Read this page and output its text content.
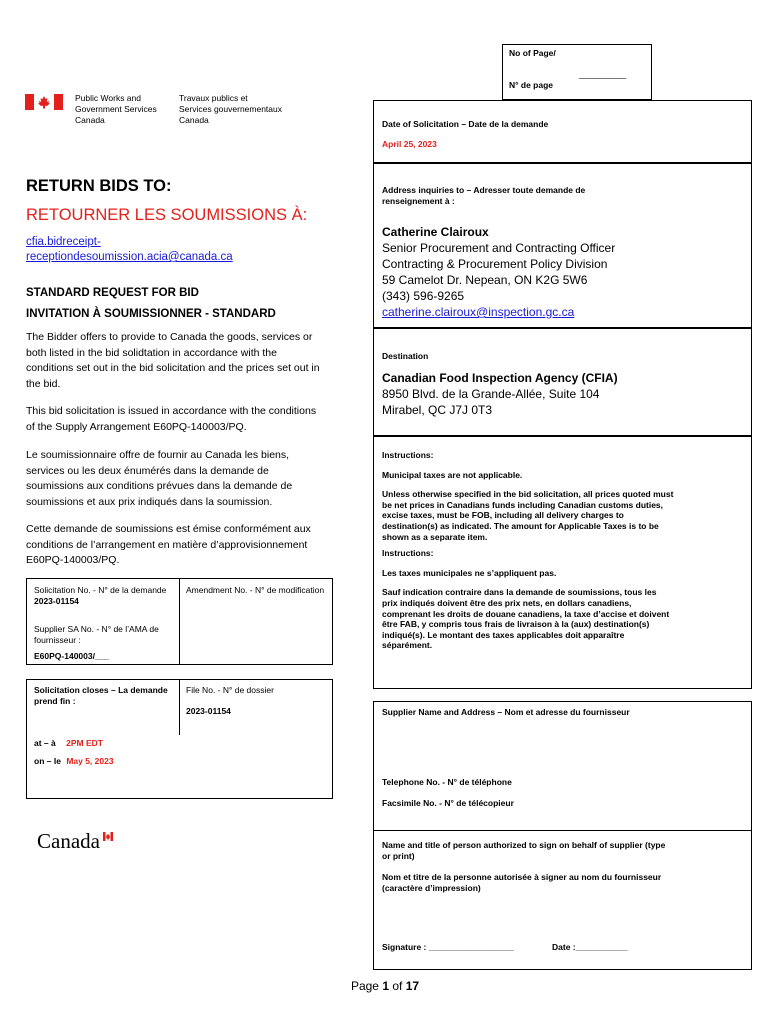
Public Works and
Government Services
Canada
Travaux publics et
Services gouvernementaux
Canada
No of Page/
__________
N° de page
Date of Solicitation – Date de la demande
April 25, 2023
Address inquiries to – Adresser toute demande de renseignement à :
Catherine Clairoux
Senior Procurement and Contracting Officer
Contracting & Procurement Policy Division
59 Camelot Dr. Nepean, ON K2G 5W6
(343) 596-9265
catherine.clairoux@inspection.gc.ca
Destination
Canadian Food Inspection Agency (CFIA)
8950 Blvd. de la Grande-Allée, Suite 104
Mirabel, QC J7J 0T3
Instructions:
Municipal taxes are not applicable.
Unless otherwise specified in the bid solicitation, all prices quoted must be net prices in Canadians funds including Canadian customs duties, excise taxes, must be FOB, including all delivery charges to destination(s) as indicated. The amount for Applicable Taxes is to be shown as a separate item.
Instructions:
Les taxes municipales ne s’appliquent pas.
Sauf indication contraire dans la demande de soumissions, tous les prix indiqués doivent être des prix nets, en dollars canadiens, comprenant les droits de douane canadiens, la taxe d’accise et doivent être FAB, y compris tous frais de livraison à la (aux) destination(s) indiqué(s). Le montant des taxes applicables doit apparaître séparément.
Supplier Name and Address – Nom et adresse du fournisseur
Telephone No. - N° de téléphone
Facsimile No. - N° de télécopieur
Name and title of person authorized to sign on behalf of supplier (type or print)
Nom et titre de la personne autorisée à signer au nom du fournisseur (caractère d’impression)
Signature : __________________	Date :___________
RETURN BIDS TO:
RETOURNER LES SOUMISSIONS À:
cfia.bidreceipt-
receptiondesoumission.acia@canada.ca
STANDARD REQUEST FOR BID
INVITATION À SOUMISSIONNER - STANDARD
The Bidder offers to provide to Canada the goods, services or both listed in the bid solidtation in accordance with the conditions set out in the bid solicitation and the prices set out in the bid.
This bid solicitation is issued in accordance with the conditions of the Supply Arrangement E60PQ-140003/PQ.
Le soumissionnaire offre de fournir au Canada les biens, services ou les deux énumérés dans la demande de soumissions aux conditions prévues dans la demande de soumissions et aux prix indiqués dans la soumission.
Cette demande de soumissions est émise conformément aux conditions de l’arrangement en matière d’approvisionnement E60PQ-140003/PQ.
Solicitation No. - N° de la demande 2023-01154
Amendment No. - N° de modification
Supplier SA No. - N° de l’AMA de fournisseur :
E60PQ-140003/___
Solicitation closes – La demande prend fin :
File No. - N° de dossier
2023-01154
at – à 2PM EDT
on – le May 5, 2023
Canada
Page 1 of 17
